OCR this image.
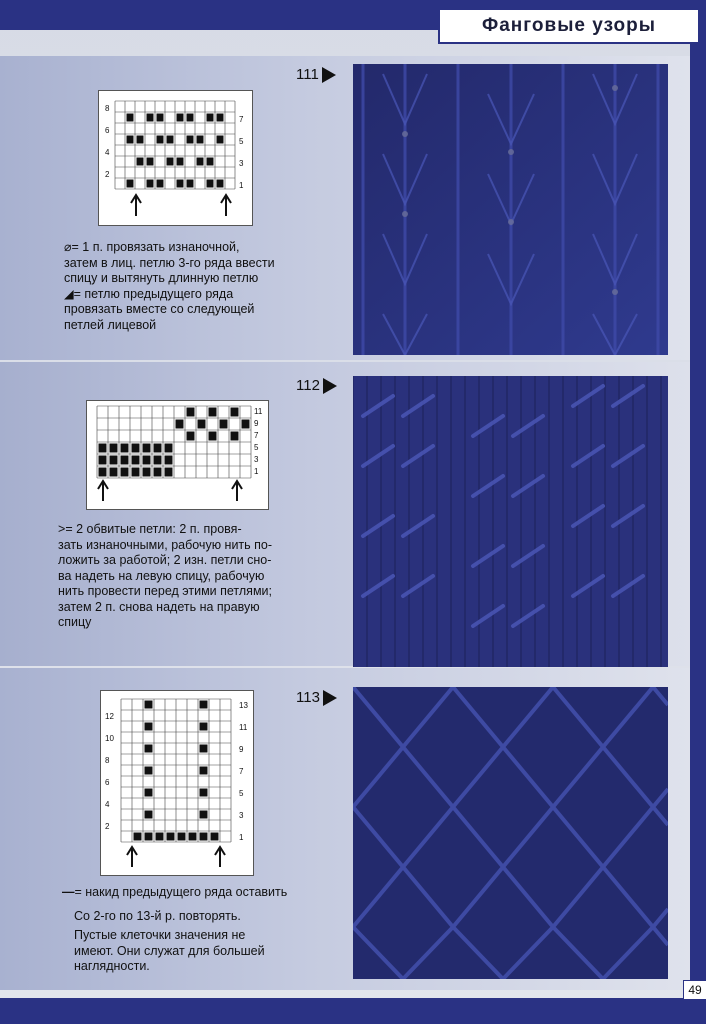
Фанговые узоры
111
112
113
8
6
4
2
7
5
3
1
⌀= 1 п. провязать изнаночной,
затем в лиц. петлю 3-го ряда ввести
спицу и вытянуть длинную петлю
◢= петлю предыдущего ряда
провязать вместе со следующей
петлей лицевой
11
9
7
5
3
1
>= 2 обвитые петли: 2 п. провя-
зать изнаночными, рабочую нить по-
ложить за работой; 2 изн. петли сно-
ва надеть на левую спицу, рабочую
нить провести перед этими петлями;
затем 2 п. снова надеть на правую
спицу
12
10
8
6
4
2
13
11
9
7
5
3
1
—= накид предыдущего ряда оставить
Со 2-го по 13-й р. повторять.
Пустые клеточки значения не
имеют. Они служат для большей
наглядности.
49
